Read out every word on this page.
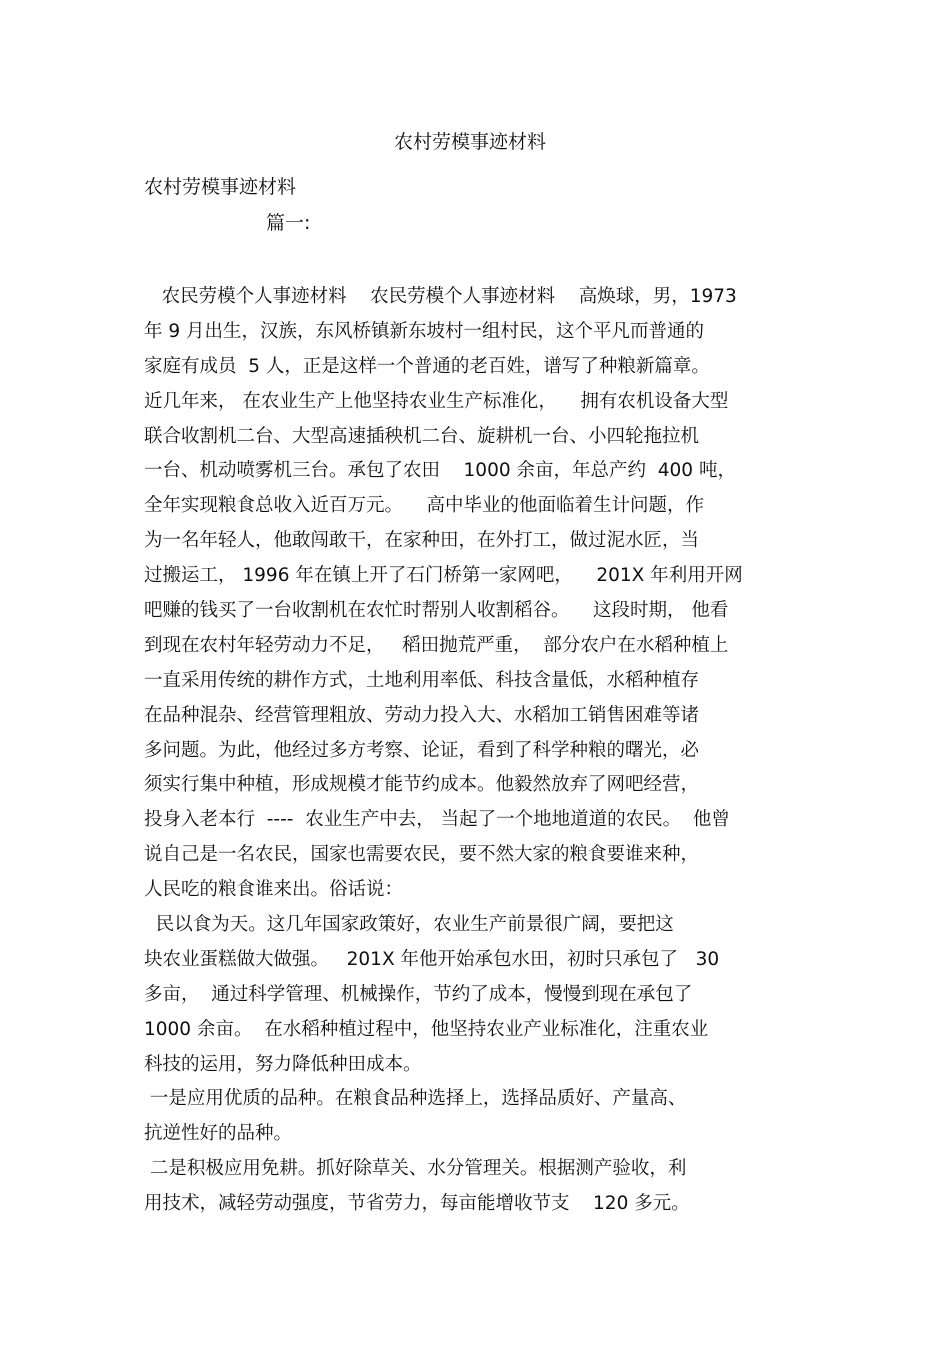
农村劳模事迹材料
农村劳模事迹材料
篇一:
农民劳模个人事迹材料    农民劳模个人事迹材料    高焕球，男，1973
年 9 月出生，汉族，东风桥镇新东坡村一组村民，这个平凡而普通的
家庭有成员  5 人，正是这样一个普通的老百姓，谱写了种粮新篇章。
近几年来， 在农业生产上他坚持农业生产标准化，    拥有农机设备大型
联合收割机二台、大型高速插秧机二台、旋耕机一台、小四轮拖拉机
一台、机动喷雾机三台。承包了农田    1000 余亩，年总产约  400 吨，
全年实现粮食总收入近百万元。    高中毕业的他面临着生计问题，作
为一名年轻人，他敢闯敢干，在家种田，在外打工，做过泥水匠，当
过搬运工， 1996 年在镇上开了石门桥第一家网吧，    201X 年利用开网
吧赚的钱买了一台收割机在农忙时帮别人收割稻谷。    这段时期， 他看
到现在农村年轻劳动力不足，   稻田抛荒严重，  部分农户在水稻种植上
一直采用传统的耕作方式，土地利用率低、科技含量低，水稻种植存
在品种混杂、经营管理粗放、劳动力投入大、水稻加工销售困难等诸
多问题。为此，他经过多方考察、论证，看到了科学种粮的曙光，必
须实行集中种植，形成规模才能节约成本。他毅然放弃了网吧经营，
投身入老本行  ----  农业生产中去， 当起了一个地地道道的农民。  他曾
说自己是一名农民，国家也需要农民，要不然大家的粮食要谁来种，
人民吃的粮食谁来出。俗话说：
民以食为天。这几年国家政策好，农业生产前景很广阔，要把这
块农业蛋糕做大做强。   201X 年他开始承包水田，初时只承包了   30
多亩，  通过科学管理、机械操作，节约了成本，慢慢到现在承包了
1000 余亩。  在水稻种植过程中，他坚持农业产业标准化，注重农业
科技的运用，努力降低种田成本。
一是应用优质的品种。在粮食品种选择上，选择品质好、产量高、
抗逆性好的品种。
二是积极应用免耕。抓好除草关、水分管理关。根据测产验收，利
用技术，减轻劳动强度，节省劳力，每亩能增收节支    120 多元。
